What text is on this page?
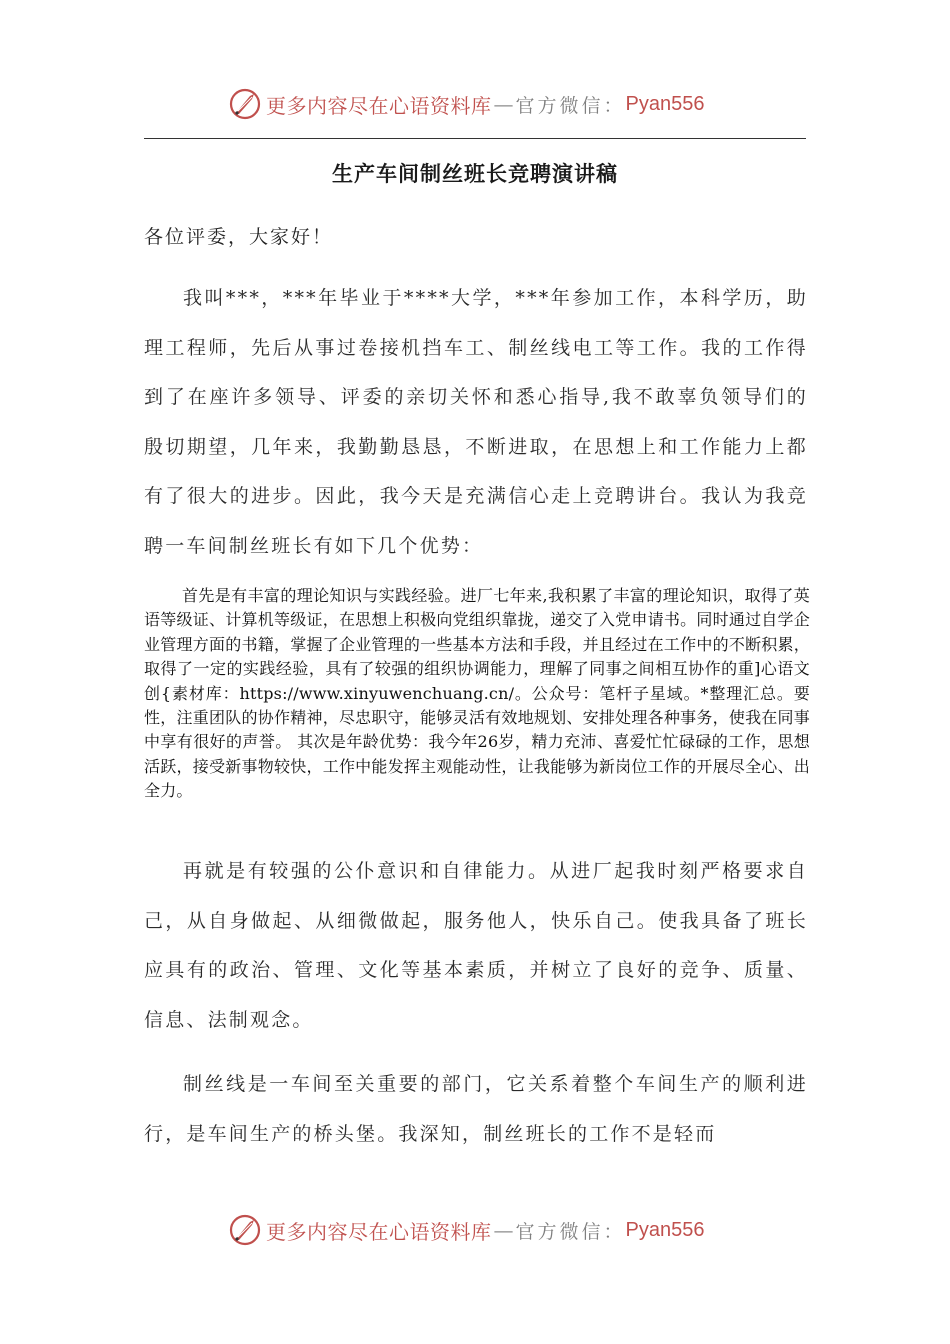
更多内容尽在心语资料库 — 官方微信： Pyan556
生产车间制丝班长竞聘演讲稿

各位评委，大家好！

我叫***，***年毕业于****大学，***年参加工作，本科学历，助理工程师，先后从事过卷接机挡车工、制丝线电工等工作。我的工作得到了在座许多领导、评委的亲切关怀和悉心指导,我不敢辜负领导们的殷切期望，几年来，我勤勤恳恳，不断进取，在思想上和工作能力上都有了很大的进步。因此，我今天是充满信心走上竞聘讲台。我认为我竞聘一车间制丝班长有如下几个优势：

首先是有丰富的理论知识与实践经验。进厂七年来,我积累了丰富的理论知识，取得了英语等级证、计算机等级证，在思想上积极向党组织靠拢，递交了入党申请书。同时通过自学企业管理方面的书籍，掌握了企业管理的一些基本方法和手段，并且经过在工作中的不断积累，取得了一定的实践经验，具有了较强的组织协调能力，理解了同事之间相互协作的重]心语文创{素材库：https://www.xinyuwenchuang.cn/。公众号：笔杆子星域。*整理汇总。要性，注重团队的协作精神，尽忠职守，能够灵活有效地规划、安排处理各种事务，使我在同事中享有很好的声誉。 其次是年龄优势：我今年26岁，精力充沛、喜爱忙忙碌碌的工作，思想活跃，接受新事物较快，工作中能发挥主观能动性，让我能够为新岗位工作的开展尽全心、出全力。

再就是有较强的公仆意识和自律能力。从进厂起我时刻严格要求自己，从自身做起、从细微做起，服务他人，快乐自己。使我具备了班长应具有的政治、管理、文化等基本素质，并树立了良好的竞争、质量、信息、法制观念。

制丝线是一车间至关重要的部门，它关系着整个车间生产的顺利进行，是车间生产的桥头堡。我深知，制丝班长的工作不是轻而

更多内容尽在心语资料库 — 官方微信： Pyan556
